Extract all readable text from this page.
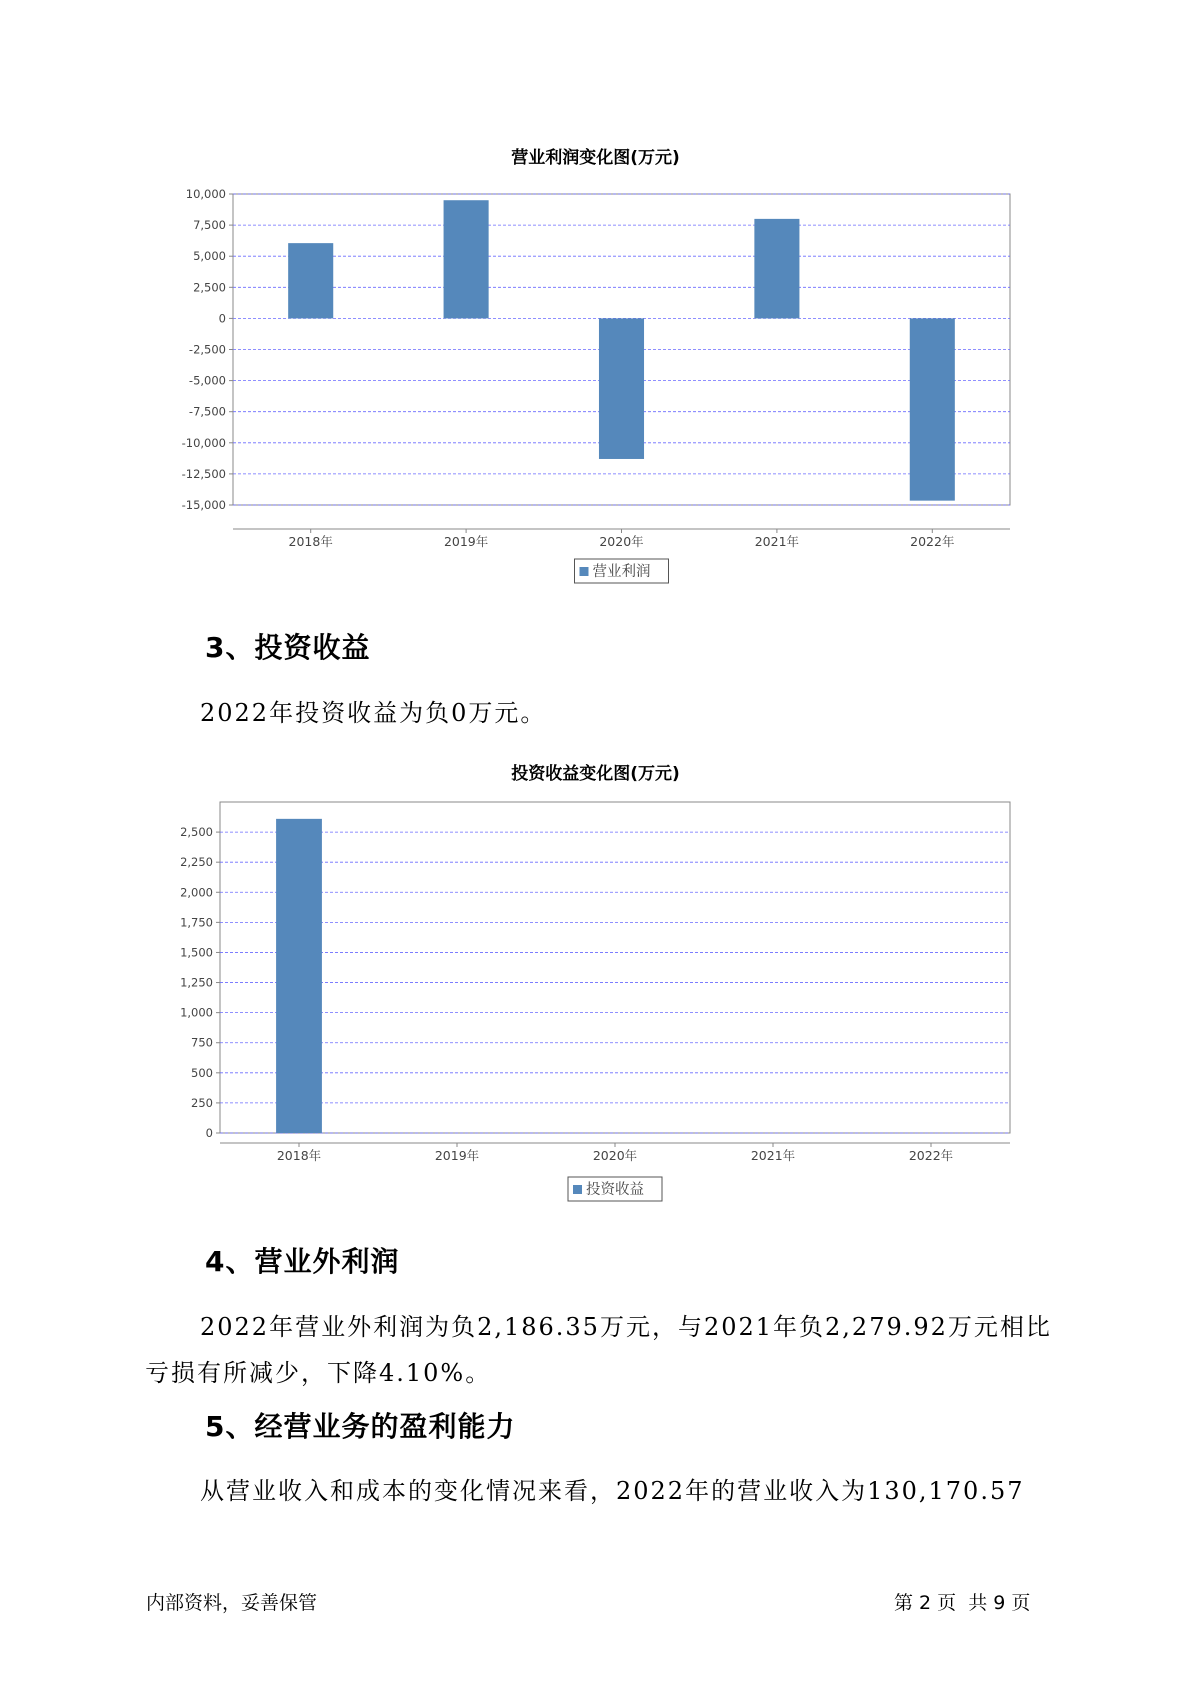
营业利润变化图(万元)
10,000
7,500
5,000
2,500
0
-2,500
-5,000
-7,500
-10,000
-12,500
-15,000
2018年	2019年	2020年	2021年	2022年
营业利润
3、投资收益
2022年投资收益为负0万元。
投资收益变化图(万元)
0
250
500
750
1,000
1,250
1,500
1,750
2,000
2,250
2,500
2018年	2019年	2020年	2021年	2022年
投资收益
4、营业外利润
2022年营业外利润为负2,186.35万元，与2021年负2,279.92万元相比
亏损有所减少，下降4.10%。
5、经营业务的盈利能力
从营业收入和成本的变化情况来看，2022年的营业收入为130,170.57
内部资料，妥善保管	第 2 页  共 9 页
